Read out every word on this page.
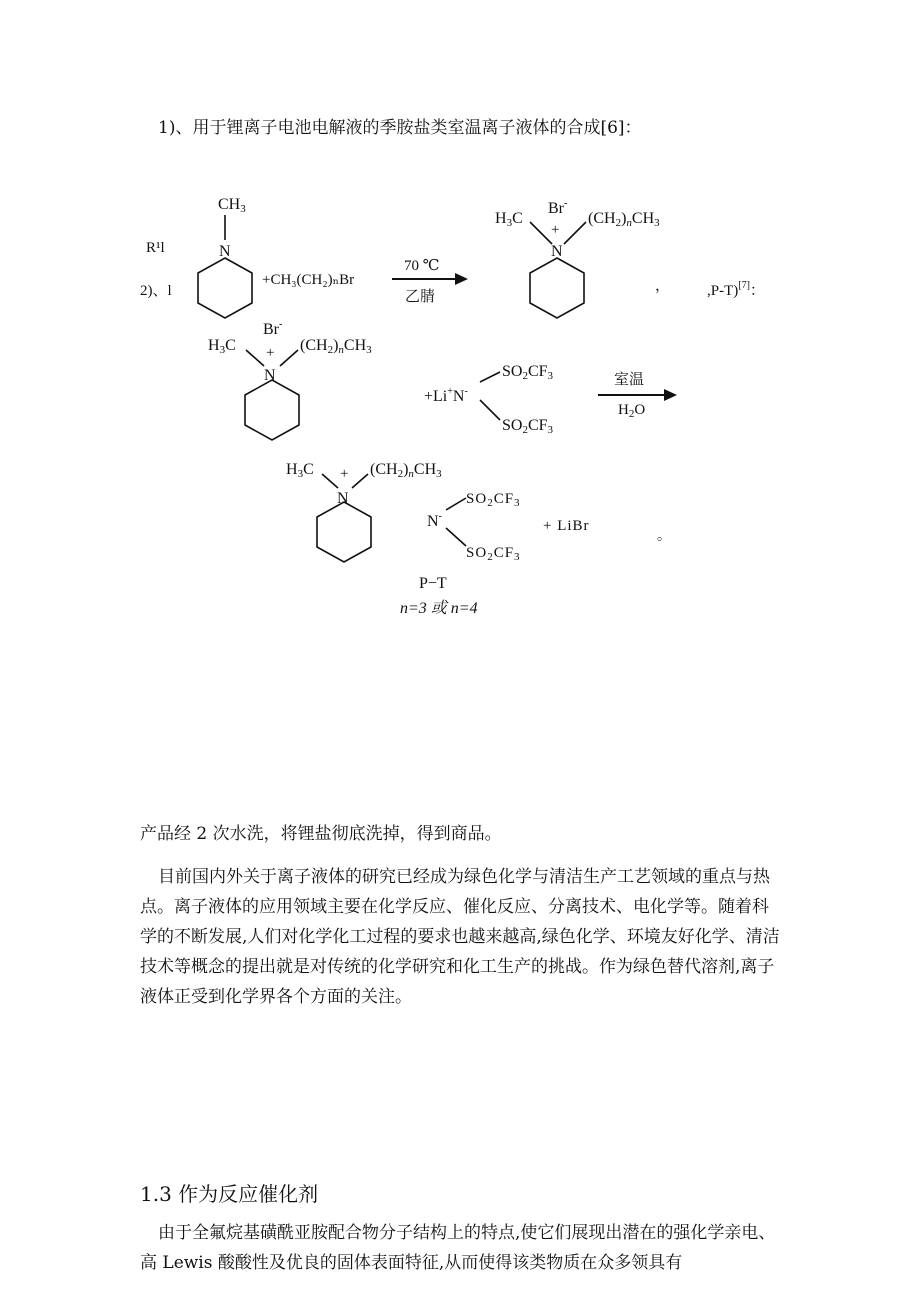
1)、用于锂离子电池电解液的季胺盐类室温离子液体的合成[6]：
CH3
N
R¹l
2)、l
+CH₃(CH₂)ₙBr
70 ℃
乙腈
H3C
Br-
+
N
(CH2)nCH3
， ,P-T)[7]：
H3C
Br-
+
N
(CH2)nCH3
+Li+N-
SO2CF3
SO2CF3
室温
$H_2O$
H3C +
N
(CH2)nCH3
N-
$SO_2CF_3$
$SO_2CF_3$
+ LiBr
。
P−T
n=3 或 n=4
产品经 2 次水洗，将锂盐彻底洗掉，得到商品。
目前国内外关于离子液体的研究已经成为绿色化学与清洁生产工艺领域的重点与热点。离子液体的应用领域主要在化学反应、催化反应、分离技术、电化学等。随着科学的不断发展,人们对化学化工过程的要求也越来越高,绿色化学、环境友好化学、清洁技术等概念的提出就是对传统的化学研究和化工生产的挑战。作为绿色替代溶剂,离子液体正受到化学界各个方面的关注。
1.3 作为反应催化剂
由于全氟烷基磺酰亚胺配合物分子结构上的特点,使它们展现出潜在的强化学亲电、高 Lewis 酸酸性及优良的固体表面特征,从而使得该类物质在众多领具有
